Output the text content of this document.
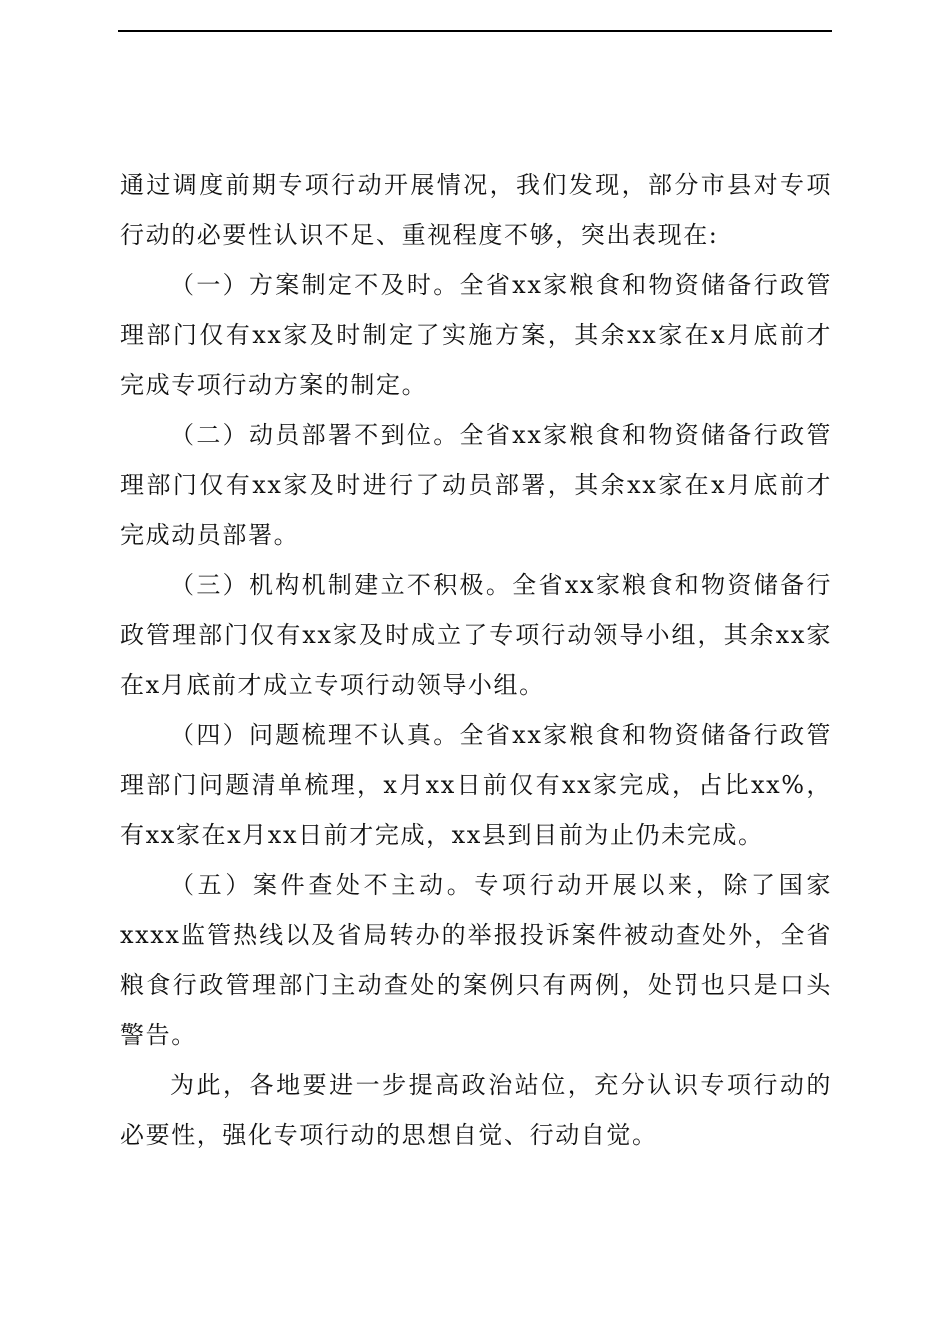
通过调度前期专项行动开展情况，我们发现，部分市县对专项行动的必要性认识不足、重视程度不够，突出表现在:

（一）方案制定不及时。全省xx家粮食和物资储备行政管理部门仅有xx家及时制定了实施方案，其余xx家在x月底前才完成专项行动方案的制定。

（二）动员部署不到位。全省xx家粮食和物资储备行政管理部门仅有xx家及时进行了动员部署，其余xx家在x月底前才完成动员部署。

（三）机构机制建立不积极。全省xx家粮食和物资储备行政管理部门仅有xx家及时成立了专项行动领导小组，其余xx家在x月底前才成立专项行动领导小组。

（四）问题梳理不认真。全省xx家粮食和物资储备行政管理部门问题清单梳理，x月xx日前仅有xx家完成，占比xx%，有xx家在x月xx日前才完成，xx县到目前为止仍未完成。

（五）案件查处不主动。专项行动开展以来，除了国家xxxx监管热线以及省局转办的举报投诉案件被动查处外，全省粮食行政管理部门主动查处的案例只有两例，处罚也只是口头警告。

为此，各地要进一步提高政治站位，充分认识专项行动的必要性，强化专项行动的思想自觉、行动自觉。
